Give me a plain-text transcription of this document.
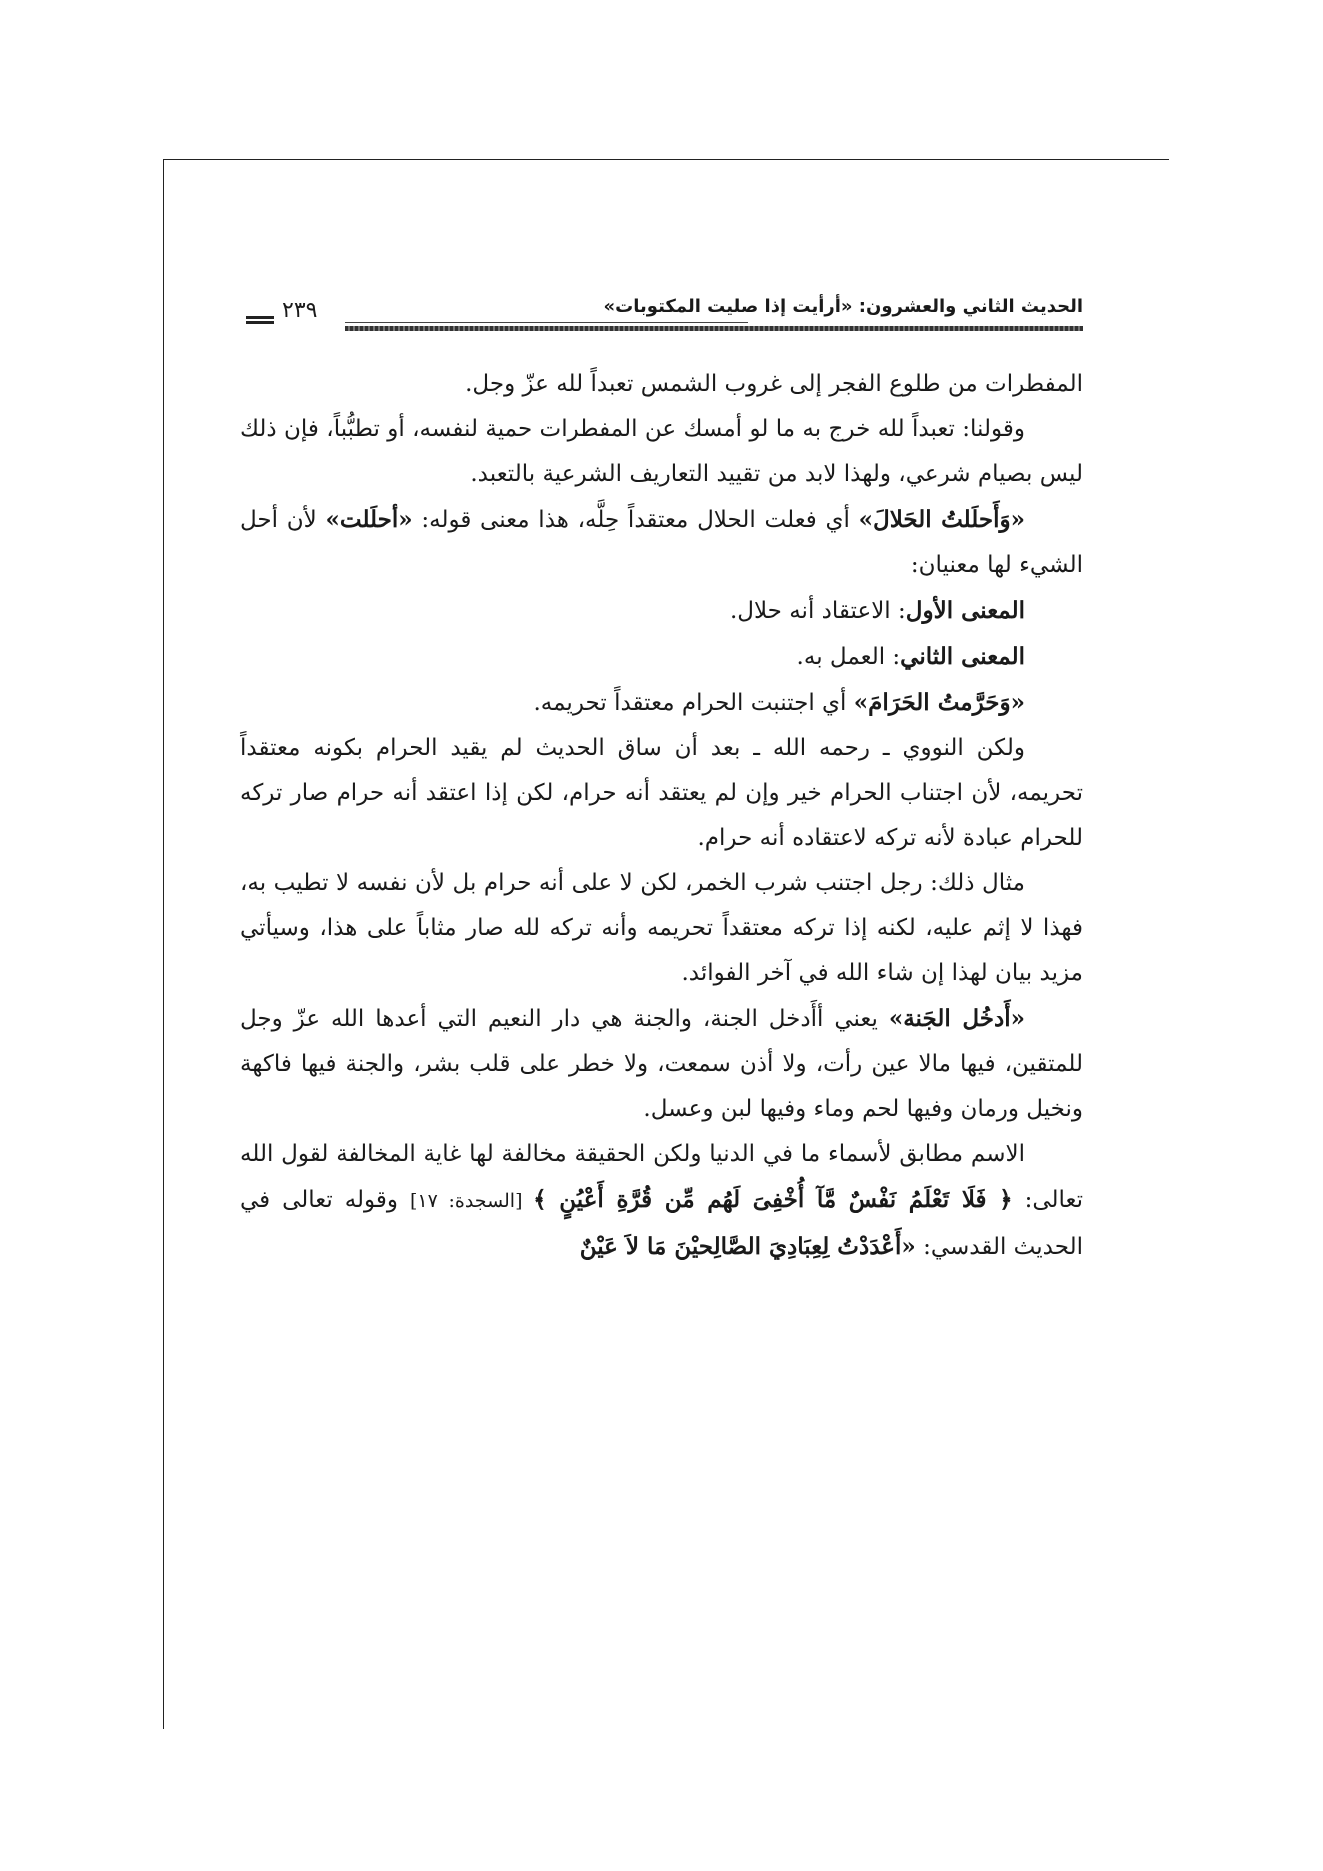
الحديث الثاني والعشرون: «أرأيت إذا صليت المكتوبات»
٢٣٩

المفطرات من طلوع الفجر إلى غروب الشمس تعبداً لله عزّ وجل.

وقولنا: تعبداً لله خرج به ما لو أمسك عن المفطرات حمية لنفسه، أو تطبُّباً، فإن ذلك ليس بصيام شرعي، ولهذا لابد من تقييد التعاريف الشرعية بالتعبد.

«وَأَحلَلتُ الحَلالَ» أي فعلت الحلال معتقداً حِلَّه، هذا معنى قوله: «أحلَلت» لأن أحل الشيء لها معنيان:

المعنى الأول: الاعتقاد أنه حلال.

المعنى الثاني: العمل به.

«وَحَرَّمتُ الحَرَامَ» أي اجتنبت الحرام معتقداً تحريمه.

ولكن النووي ـ رحمه الله ـ بعد أن ساق الحديث لم يقيد الحرام بكونه معتقداً تحريمه، لأن اجتناب الحرام خير وإن لم يعتقد أنه حرام، لكن إذا اعتقد أنه حرام صار تركه للحرام عبادة لأنه تركه لاعتقاده أنه حرام.

مثال ذلك: رجل اجتنب شرب الخمر، لكن لا على أنه حرام بل لأن نفسه لا تطيب به، فهذا لا إثم عليه، لكنه إذا تركه معتقداً تحريمه وأنه تركه لله صار مثاباً على هذا، وسيأتي مزيد بيان لهذا إن شاء الله في آخر الفوائد.

«أَدخُل الجَنة» يعني أأَدخل الجنة، والجنة هي دار النعيم التي أعدها الله عزّ وجل للمتقين، فيها مالا عين رأت، ولا أذن سمعت، ولا خطر على قلب بشر، والجنة فيها فاكهة ونخيل ورمان وفيها لحم وماء وفيها لبن وعسل.

الاسم مطابق لأسماء ما في الدنيا ولكن الحقيقة مخالفة لها غاية المخالفة لقول الله تعالى: ﴿ فَلَا تَعْلَمُ نَفْسٌ مَّآ أُخْفِىَ لَهُم مِّن قُرَّةِ أَعْيُنٍ ﴾ [السجدة: ١٧] وقوله تعالى في الحديث القدسي: «أَعْدَدْتُ لِعِبَادِيَ الصَّالِحيْنَ مَا لاَ عَيْنٌ
